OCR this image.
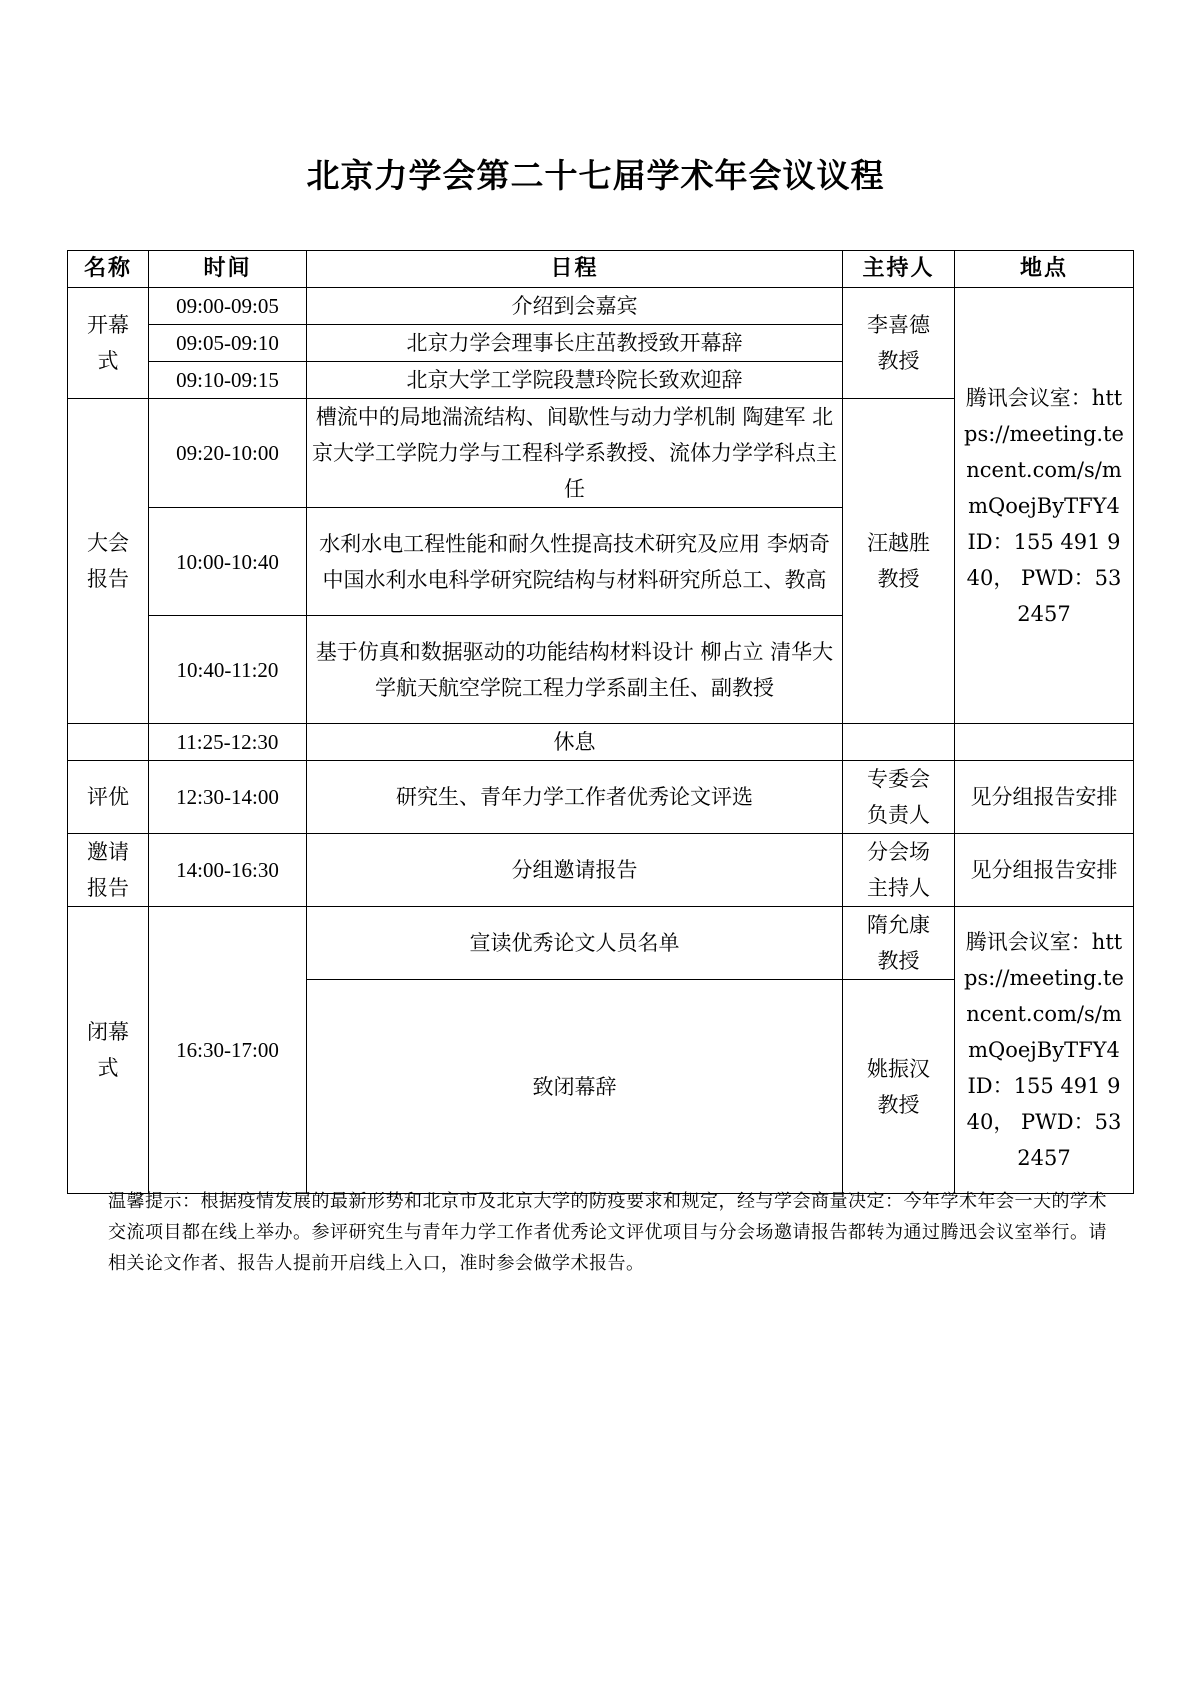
北京力学会第二十七届学术年会议议程
名称	时间	日程	主持人	地点
开幕式	09:00-09:05	介绍到会嘉宾	李喜德教授	腾讯会议室：https://meeting.tencent.com/s/mmQoejByTFY4 ID：155 491 940， PWD：532457
	09:05-09:10	北京力学会理事长庄茁教授致开幕辞		
	09:10-09:15	北京大学工学院段慧玲院长致欢迎辞		
大会报告	09:20-10:00	槽流中的局地湍流结构、间歇性与动力学机制 陶建军 北京大学工学院力学与工程科学系教授、流体力学学科点主任	汪越胜教授	
	10:00-10:40	水利水电工程性能和耐久性提高技术研究及应用 李炳奇 中国水利水电科学研究院结构与材料研究所总工、教高		
	10:40-11:20	基于仿真和数据驱动的功能结构材料设计 柳占立 清华大学航天航空学院工程力学系副主任、副教授		
	11:25-12:30	休息		
评优	12:30-14:00	研究生、青年力学工作者优秀论文评选	专委会负责人	见分组报告安排
邀请报告	14:00-16:30	分组邀请报告	分会场主持人	见分组报告安排
闭幕式	16:30-17:00	宣读优秀论文人员名单	隋允康教授	腾讯会议室：https://meeting.tencent.com/s/mmQoejByTFY4 ID：155 491 940， PWD：532457
		致闭幕辞	姚振汉教授	
温馨提示：根据疫情发展的最新形势和北京市及北京大学的防疫要求和规定，经与学会商量决定：今年学术年会一天的学术交流项目都在线上举办。参评研究生与青年力学工作者优秀论文评优项目与分会场邀请报告都转为通过腾迅会议室举行。请相关论文作者、报告人提前开启线上入口，准时参会做学术报告。
